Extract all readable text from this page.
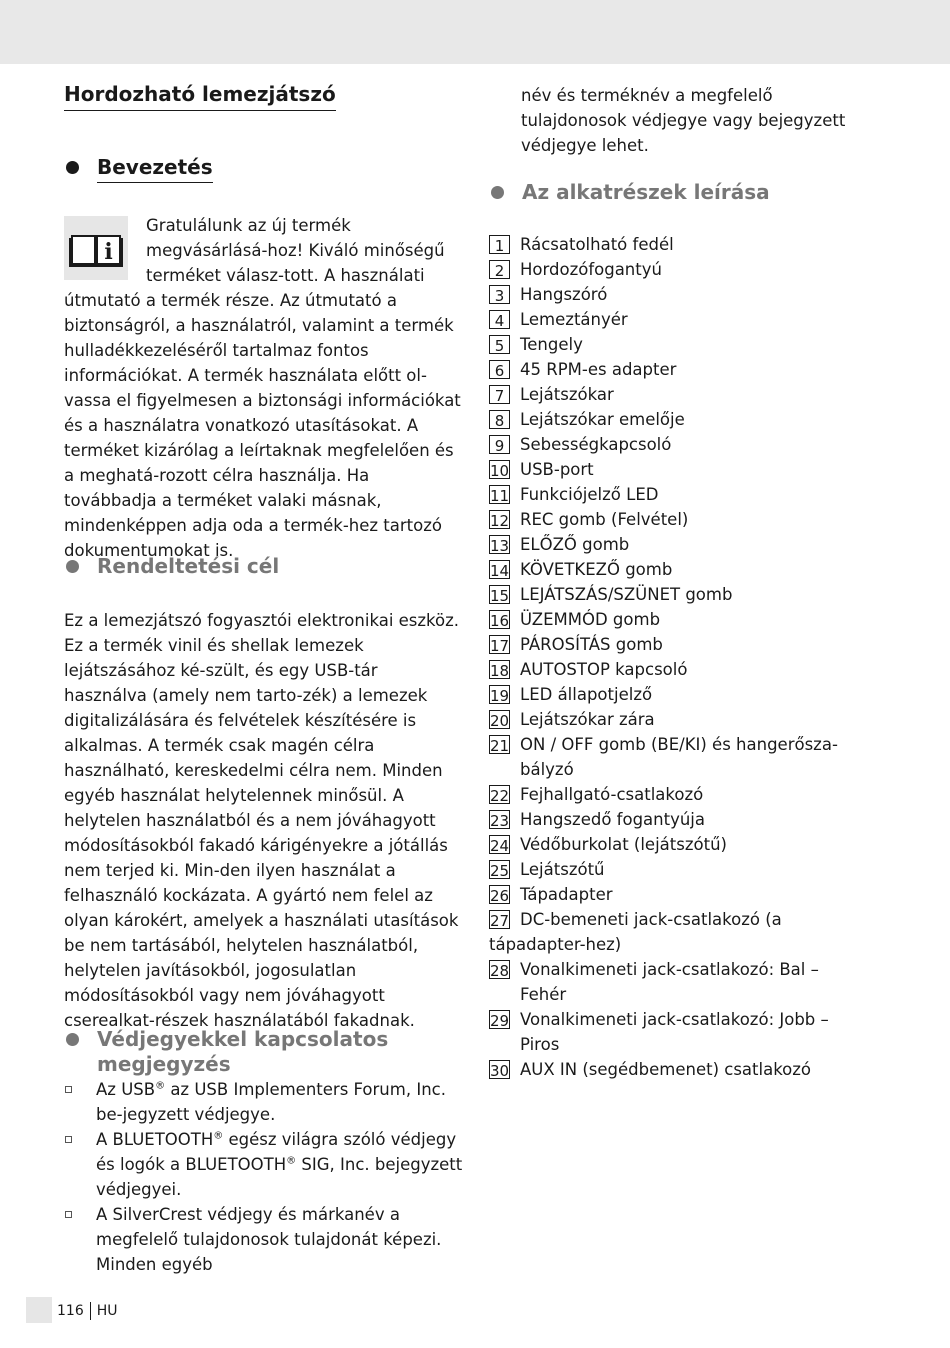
Hordozható lemezjátszó
Bevezetés
i

Gratulálunk az új termék megvásárlásá-hoz! Kiváló minőségű terméket válasz-tott. A használati útmutató a termék része. Az útmutató a biztonságról, a használatról, valamint a termék hulladékkezeléséről tartalmaz fontos információkat. A termék használata előtt ol-vassa el figyelmesen a biztonsági információkat és a használatra vonatkozó utasításokat. A terméket kizárólag a leírtaknak megfelelően és a meghatá-rozott célra használja. Ha továbbadja a terméket valaki másnak, mindenképpen adja oda a termék-hez tartozó dokumentumokat is.

Rendeltetési cél

Ez a lemezjátszó fogyasztói elektronikai eszköz. Ez a termék vinil és shellak lemezek lejátszásához ké-szült, és egy USB-tár használva (amely nem tarto-zék) a lemezek digitalizálására és felvételek készítésére is alkalmas. A termék csak magén célra használható, kereskedelmi célra nem. Minden egyéb használat helytelennek minősül. A helytelen használatból és a nem jóváhagyott módosításokból fakadó kárigényekre a jótállás nem terjed ki. Min-den ilyen használat a felhasználó kockázata. A gyártó nem felel az olyan károkért, amelyek a használati utasítások be nem tartásából, helytelen használatból, helytelen javításokból, jogosulatlan módosításokból vagy nem jóváhagyott cserealkat-részek használatából fakadnak.

Védjegyekkel kapcsolatos megjegyzés
Az USB® az USB Implementers Forum, Inc. be-jegyzett védjegye.
A BLUETOOTH® egész világra szóló védjegy és logók a BLUETOOTH® SIG, Inc. bejegyzett védjegyei.
A SilverCrest védjegy és márkanév a megfelelő tulajdonosok tulajdonát képezi. Minden egyéb

név és terméknév a megfelelő tulajdonosok védjegye vagy bejegyzett védjegye lehet.

Az alkatrészek leírása
1 Rácsatolható fedél
2 Hordozófogantyú
3 Hangszóró
4 Lemeztányér
5 Tengely
6 45 RPM-es adapter
7 Lejátszókar
8 Lejátszókar emelője
9 Sebességkapcsoló
10 USB-port
11 Funkciójelző LED
12 REC gomb (Felvétel)
13 ELŐZŐ gomb
14 KÖVETKEZŐ gomb
15 LEJÁTSZÁS/SZÜNET gomb
16 ÜZEMMÓD gomb
17 PÁROSÍTÁS gomb
18 AUTOSTOP kapcsoló
19 LED állapotjelző
20 Lejátszókar zára
21 ON / OFF gomb (BE/KI) és hangerősza-bályzó
22 Fejhallgató-csatlakozó
23 Hangszedő fogantyúja
24 Védőburkolat (lejátszótű)
25 Lejátszótű
26 Tápadapter
27 DC-bemeneti jack-csatlakozó (a tápadapter-hez)
28 Vonalkimeneti jack-csatlakozó: Bal – Fehér
29 Vonalkimeneti jack-csatlakozó: Jobb – Piros
30 AUX IN (segédbemenet) csatlakozó
116 HU
